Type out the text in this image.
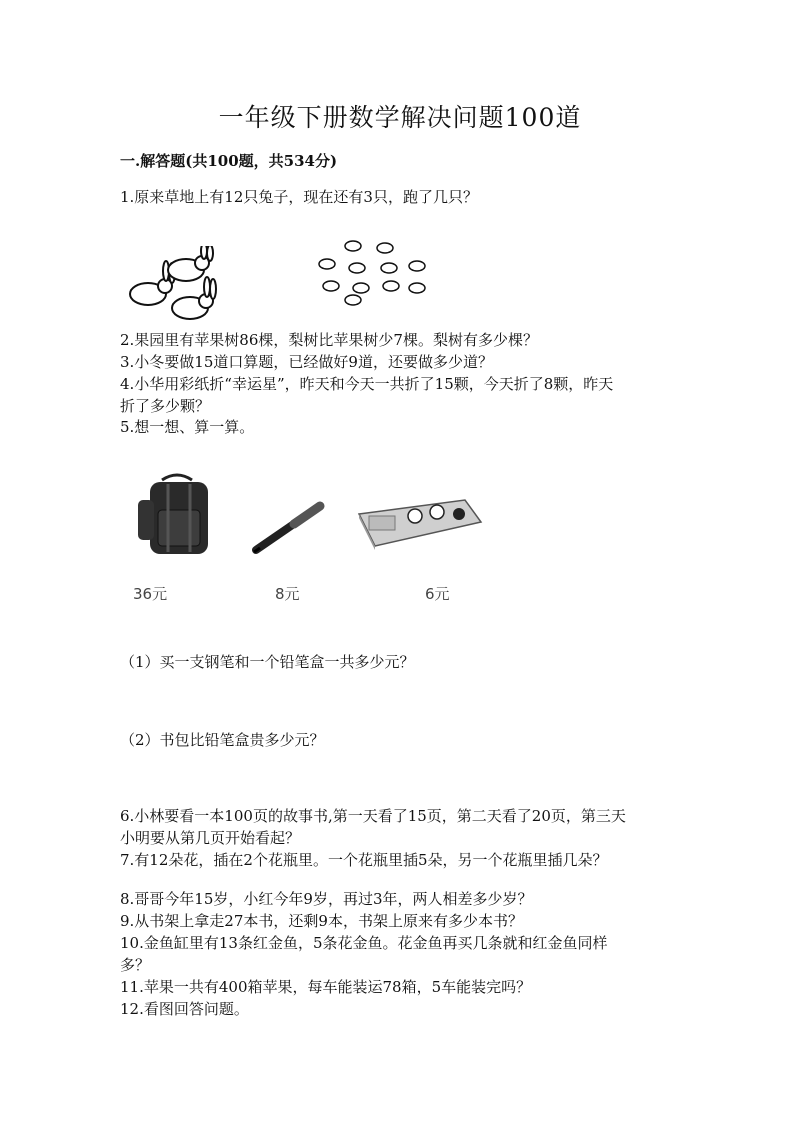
一年级下册数学解决问题100道
一.解答题(共100题，共534分)
1.原来草地上有12只兔子，现在还有3只，跑了几只？
2.果园里有苹果树86棵，梨树比苹果树少7棵。梨树有多少棵？
3.小冬要做15道口算题，已经做好9道，还要做多少道？
4.小华用彩纸折“幸运星”，昨天和今天一共折了15颗，今天折了8颗，昨天
折了多少颗？
5.想一想、算一算。
36元	8元	6元
（1）买一支钢笔和一个铅笔盒一共多少元？
（2）书包比铅笔盒贵多少元？
6.小林要看一本100页的故事书,第一天看了15页，第二天看了20页，第三天
小明要从第几页开始看起？
7.有12朵花，插在2个花瓶里。一个花瓶里插5朵，另一个花瓶里插几朵？
8.哥哥今年15岁，小红今年9岁，再过3年，两人相差多少岁？
9.从书架上拿走27本书，还剩9本，书架上原来有多少本书？
10.金鱼缸里有13条红金鱼，5条花金鱼。花金鱼再买几条就和红金鱼同样
多？
11.苹果一共有400箱苹果，每车能装运78箱，5车能装完吗？
12.看图回答问题。
